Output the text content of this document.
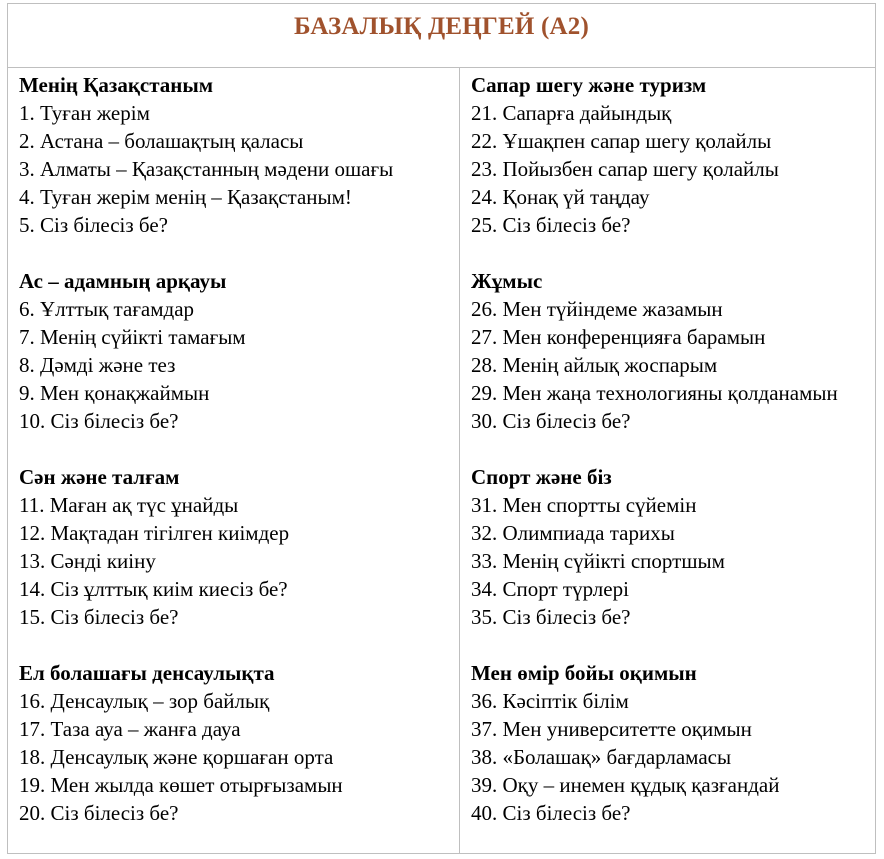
БАЗАЛЫҚ ДЕҢГЕЙ (А2)
Менің Қазақстаным
1. Туған жерім
2. Астана – болашақтың қаласы
3. Алматы – Қазақстанның мәдени ошағы
4. Туған жерім менің – Қазақстаным!
5. Сіз білесіз бе?
Ас – адамның арқауы
6. Ұлттық тағамдар
7. Менің сүйікті тамағым
8. Дәмді және тез
9. Мен қонақжаймын
10. Сіз білесіз бе?
Сән және талғам
11. Маған ақ түс ұнайды
12. Мақтадан тігілген киімдер
13. Сәнді киіну
14. Сіз ұлттық киім киесіз бе?
15. Сіз білесіз бе?
Ел болашағы денсаулықта
16. Денсаулық – зор байлық
17. Таза ауа – жанға дауа
18. Денсаулық және қоршаған орта
19. Мен жылда көшет отырғызамын
20. Сіз білесіз бе?
Сапар шегу және туризм
21. Сапарға дайындық
22. Ұшақпен сапар шегу қолайлы
23. Пойызбен сапар шегу қолайлы
24. Қонақ үй таңдау
25. Сіз білесіз бе?
Жұмыс
26. Мен түйіндеме жазамын
27. Мен конференцияға барамын
28. Менің айлық жоспарым
29. Мен жаңа технологияны қолданамын
30. Сіз білесіз бе?
Спорт және біз
31. Мен спортты сүйемін
32. Олимпиада тарихы
33. Менің сүйікті спортшым
34. Спорт түрлері
35. Сіз білесіз бе?
Мен өмір бойы оқимын
36. Кәсіптік білім
37. Мен университетте оқимын
38. «Болашақ» бағдарламасы
39. Оқу – инемен құдық қазғандай
40. Сіз білесіз бе?
